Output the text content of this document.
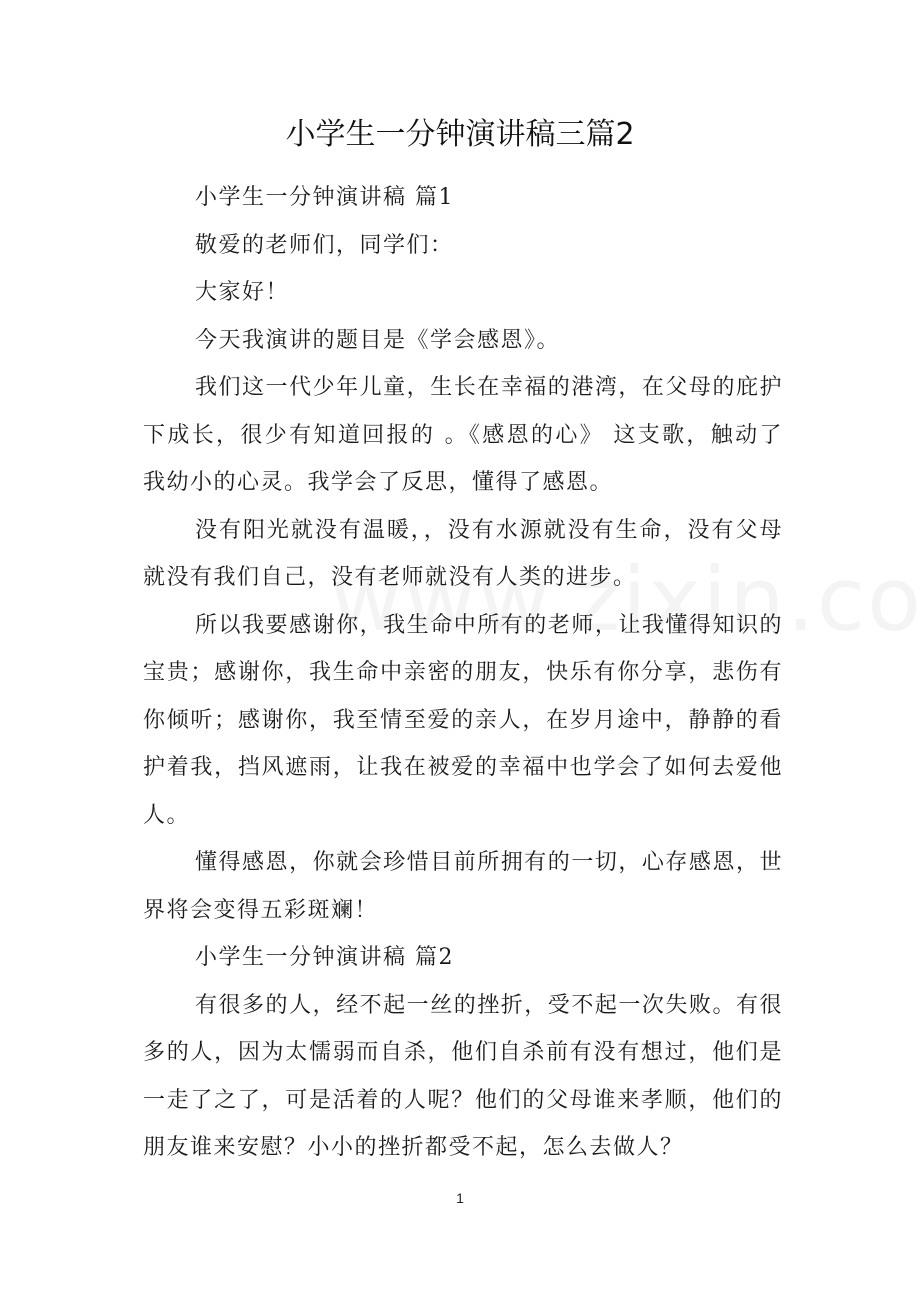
小学生一分钟演讲稿三篇2

小学生一分钟演讲稿 篇1

敬爱的老师们，同学们：

大家好！

今天我演讲的题目是《学会感恩》。

我们这一代少年儿童，生长在幸福的港湾，在父母的庇护下成长，很少有知道回报的 。《感恩的心》 这支歌，触动了我幼小的心灵。我学会了反思，懂得了感恩。

没有阳光就没有温暖，，没有水源就没有生命，没有父母就没有我们自己，没有老师就没有人类的进步。

所以我要感谢你，我生命中所有的老师，让我懂得知识的宝贵；感谢你，我生命中亲密的朋友，快乐有你分享，悲伤有你倾听；感谢你，我至情至爱的亲人，在岁月途中，静静的看护着我，挡风遮雨，让我在被爱的幸福中也学会了如何去爱他人。

懂得感恩，你就会珍惜目前所拥有的一切，心存感恩，世界将会变得五彩斑斓！

小学生一分钟演讲稿 篇2

有很多的人，经不起一丝的挫折，受不起一次失败。有很多的人，因为太懦弱而自杀，他们自杀前有没有想过，他们是一走了之了，可是活着的人呢？他们的父母谁来孝顺，他们的朋友谁来安慰？小小的挫折都受不起，怎么去做人？

1
